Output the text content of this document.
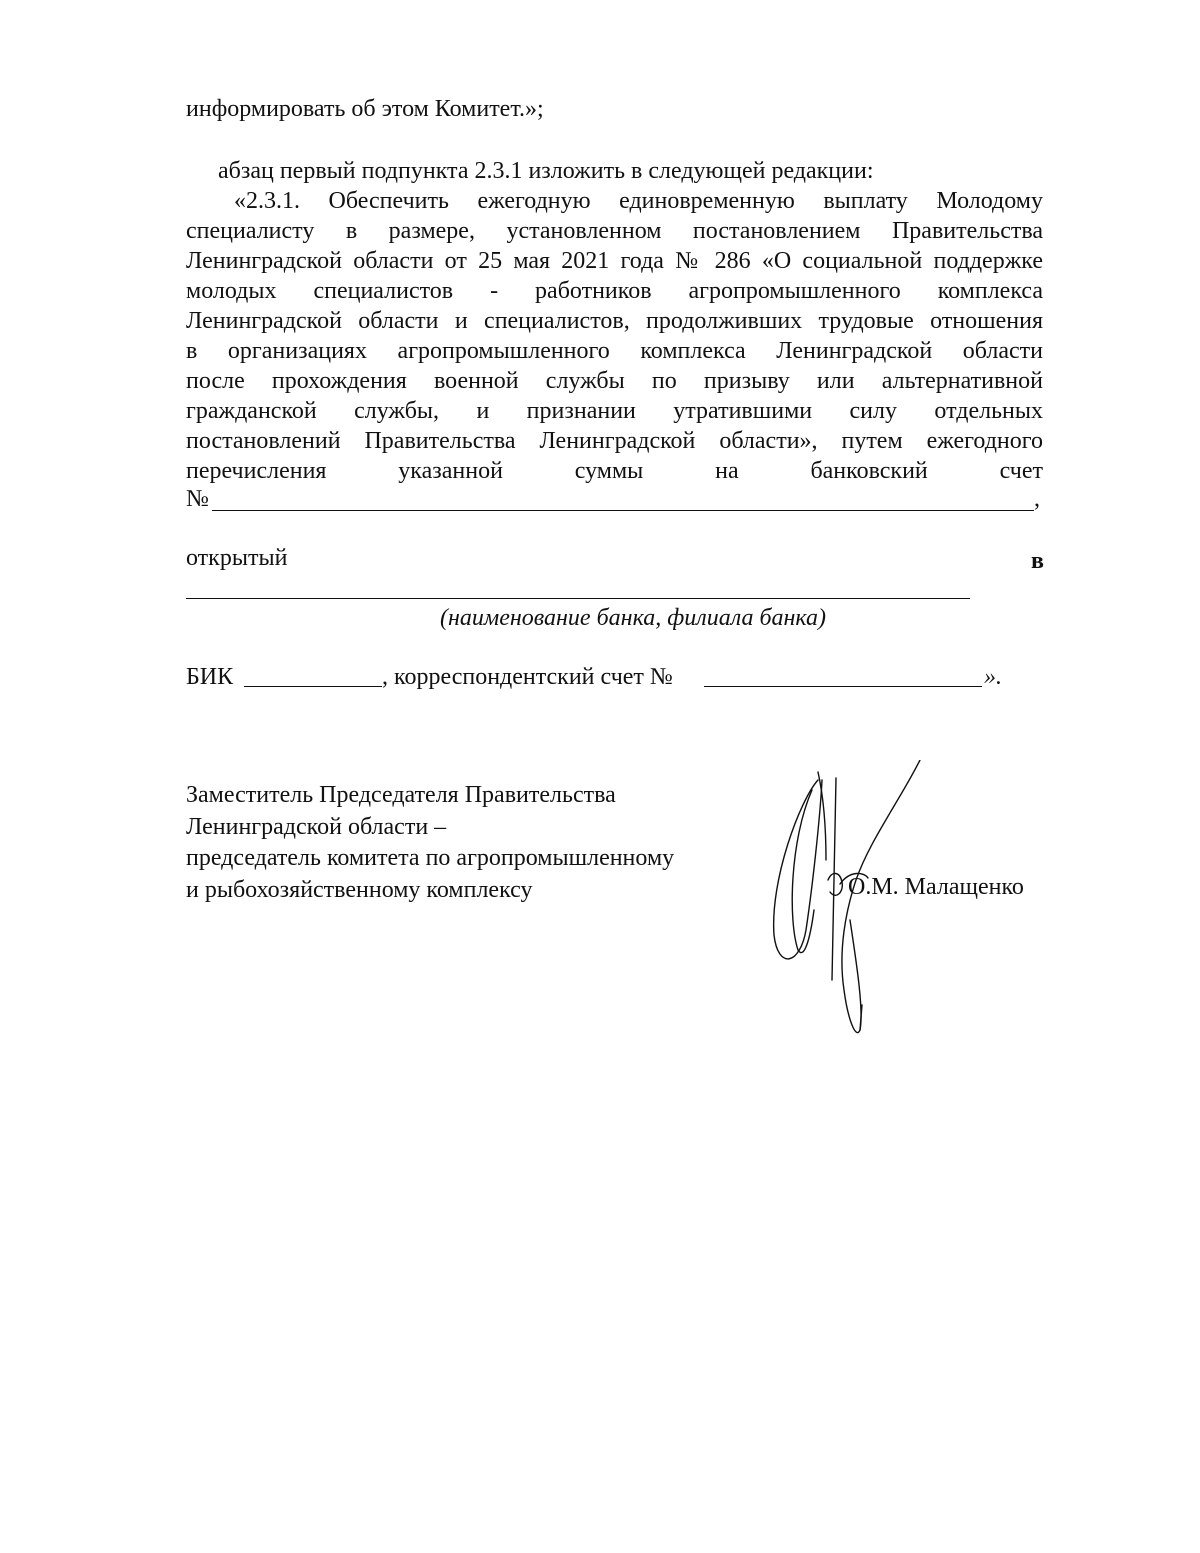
информировать об этом Комитет.»;
абзац первый подпункта 2.3.1 изложить в следующей редакции:
«2.3.1. Обеспечить ежегодную единовременную выплату Молодому
специалисту в размере, установленном постановлением Правительства
Ленинградской области от 25 мая 2021 года № 286 «О социальной поддержке
молодых специалистов - работников агропромышленного комплекса
Ленинградской области и специалистов, продолживших трудовые отношения
в организациях агропромышленного комплекса Ленинградской области
после прохождения военной службы по призыву или альтернативной
гражданской службы, и признании утратившими силу отдельных
постановлений Правительства Ленинградской области», путем ежегодного
перечисления указанной суммы на банковский счет
№	,
открытый	в
(наименование банка, филиала банка)
БИК	, корреспондентский счет №	».
Заместитель Председателя Правительства
Ленинградской области –
председатель комитета по агропромышленному
и рыбохозяйственному комплексу	О.М. Малащенко
